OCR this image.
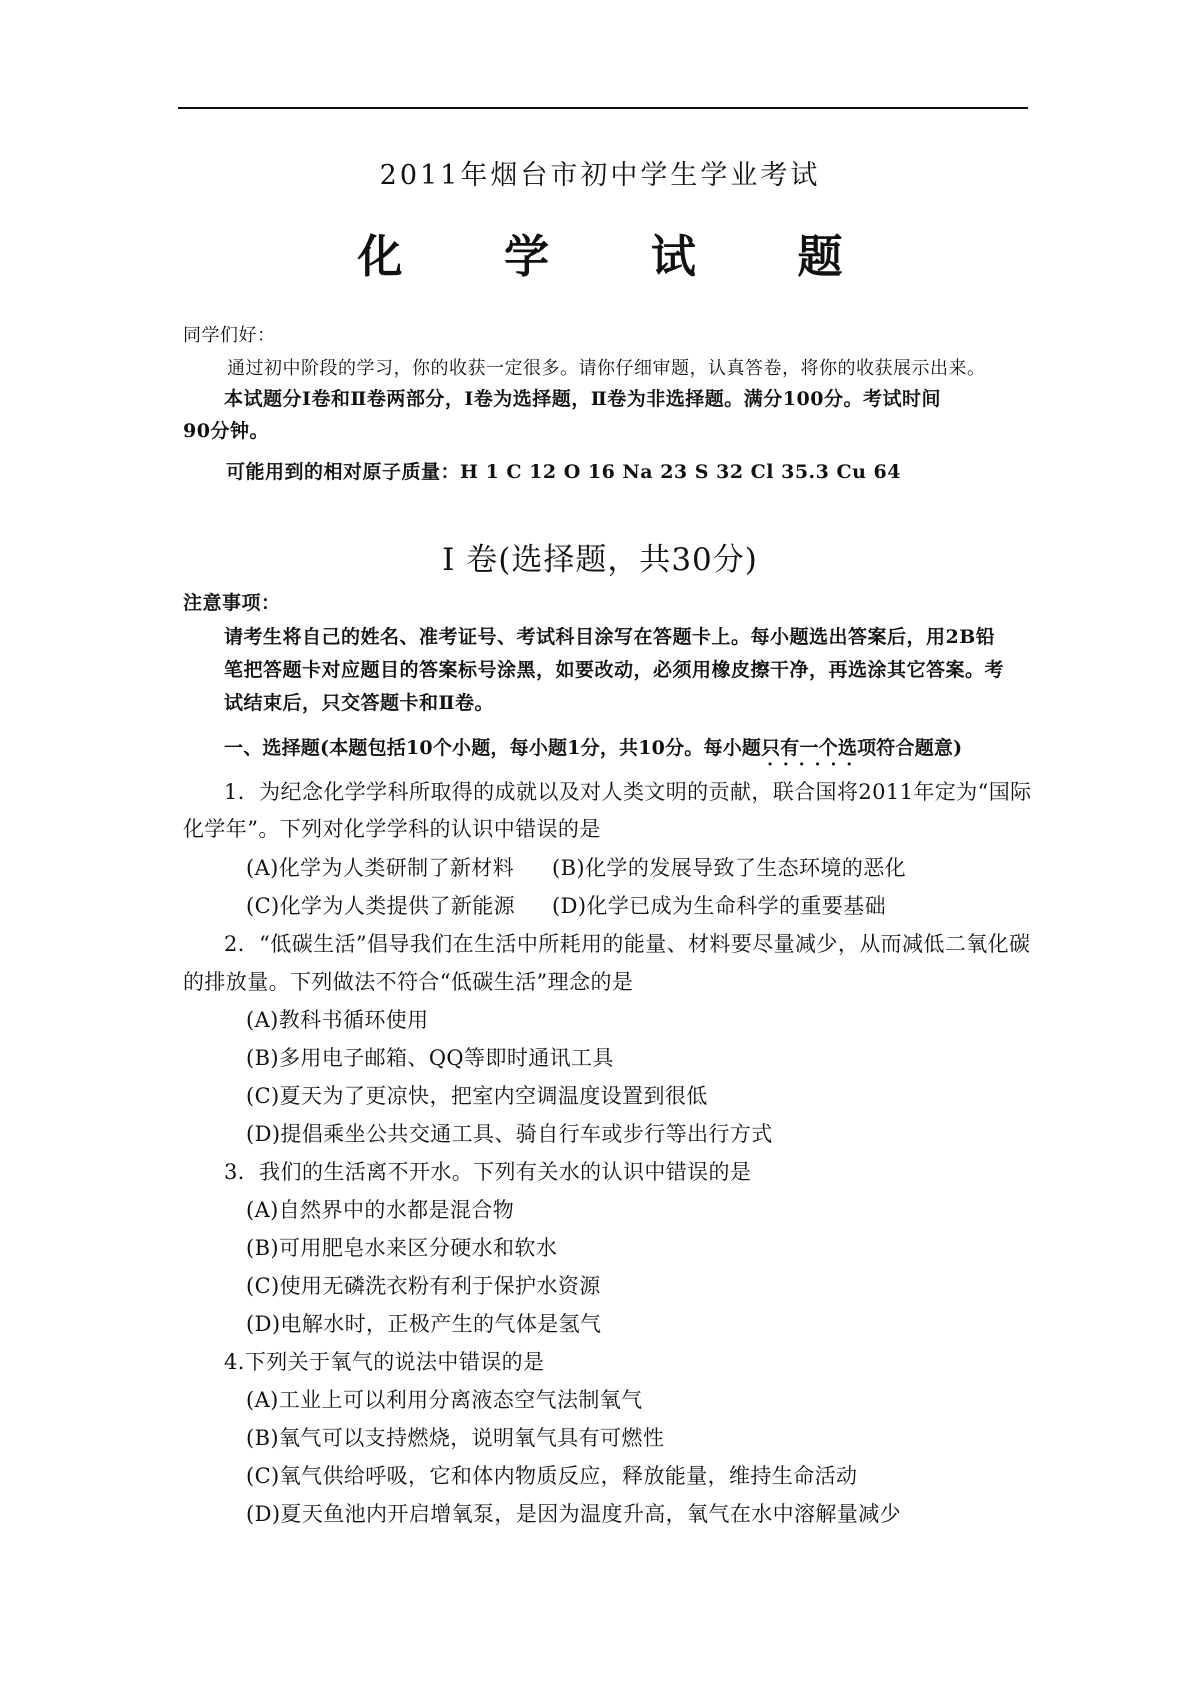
2011年烟台市初中学生学业考试
化 学 试 题
同学们好：
通过初中阶段的学习，你的收获一定很多。请你仔细审题，认真答卷，将你的收获展示出来。
本试题分Ⅰ卷和Ⅱ卷两部分，Ⅰ卷为选择题，Ⅱ卷为非选择题。满分100分。考试时间
90分钟。
可能用到的相对原子质量：H 1 C 12 O 16 Na 23 S 32 Cl 35.3 Cu 64
Ⅰ 卷(选择题，共30分)
注意事项：
请考生将自己的姓名、准考证号、考试科目涂写在答题卡上。每小题选出答案后，用2B铅
笔把答题卡对应题目的答案标号涂黑，如要改动，必须用橡皮擦干净，再选涂其它答案。考
试结束后，只交答题卡和Ⅱ卷。
一、选择题(本题包括10个小题，每小题1分，共10分。每小题只有一个选项 · · ·符合题意)
1．为纪念化学学科所取得的成就以及对人类文明的贡献，联合国将2011年定为“国际
化学年”。下列对化学学科的认识中错误的是
(A)化学为人类研制了新材料 (B)化学的发展导致了生态环境的恶化
(C)化学为人类提供了新能源 (D)化学已成为生命科学的重要基础
2．“低碳生活”倡导我们在生活中所耗用的能量、材料要尽量减少，从而减低二氧化碳
的排放量。下列做法不符合“低碳生活”理念的是
(A)教科书循环使用
(B)多用电子邮箱、QQ等即时通讯工具
(C)夏天为了更凉快，把室内空调温度设置到很低
(D)提倡乘坐公共交通工具、骑自行车或步行等出行方式
3．我们的生活离不开水。下列有关水的认识中错误的是
(A)自然界中的水都是混合物
(B)可用肥皂水来区分硬水和软水
(C)使用无磷洗衣粉有利于保护水资源
(D)电解水时，正极产生的气体是氢气
4.下列关于氧气的说法中错误的是
(A)工业上可以利用分离液态空气法制氧气
(B)氧气可以支持燃烧，说明氧气具有可燃性
(C)氧气供给呼吸，它和体内物质反应，释放能量，维持生命活动
(D)夏天鱼池内开启增氧泵，是因为温度升高，氧气在水中溶解量减少
